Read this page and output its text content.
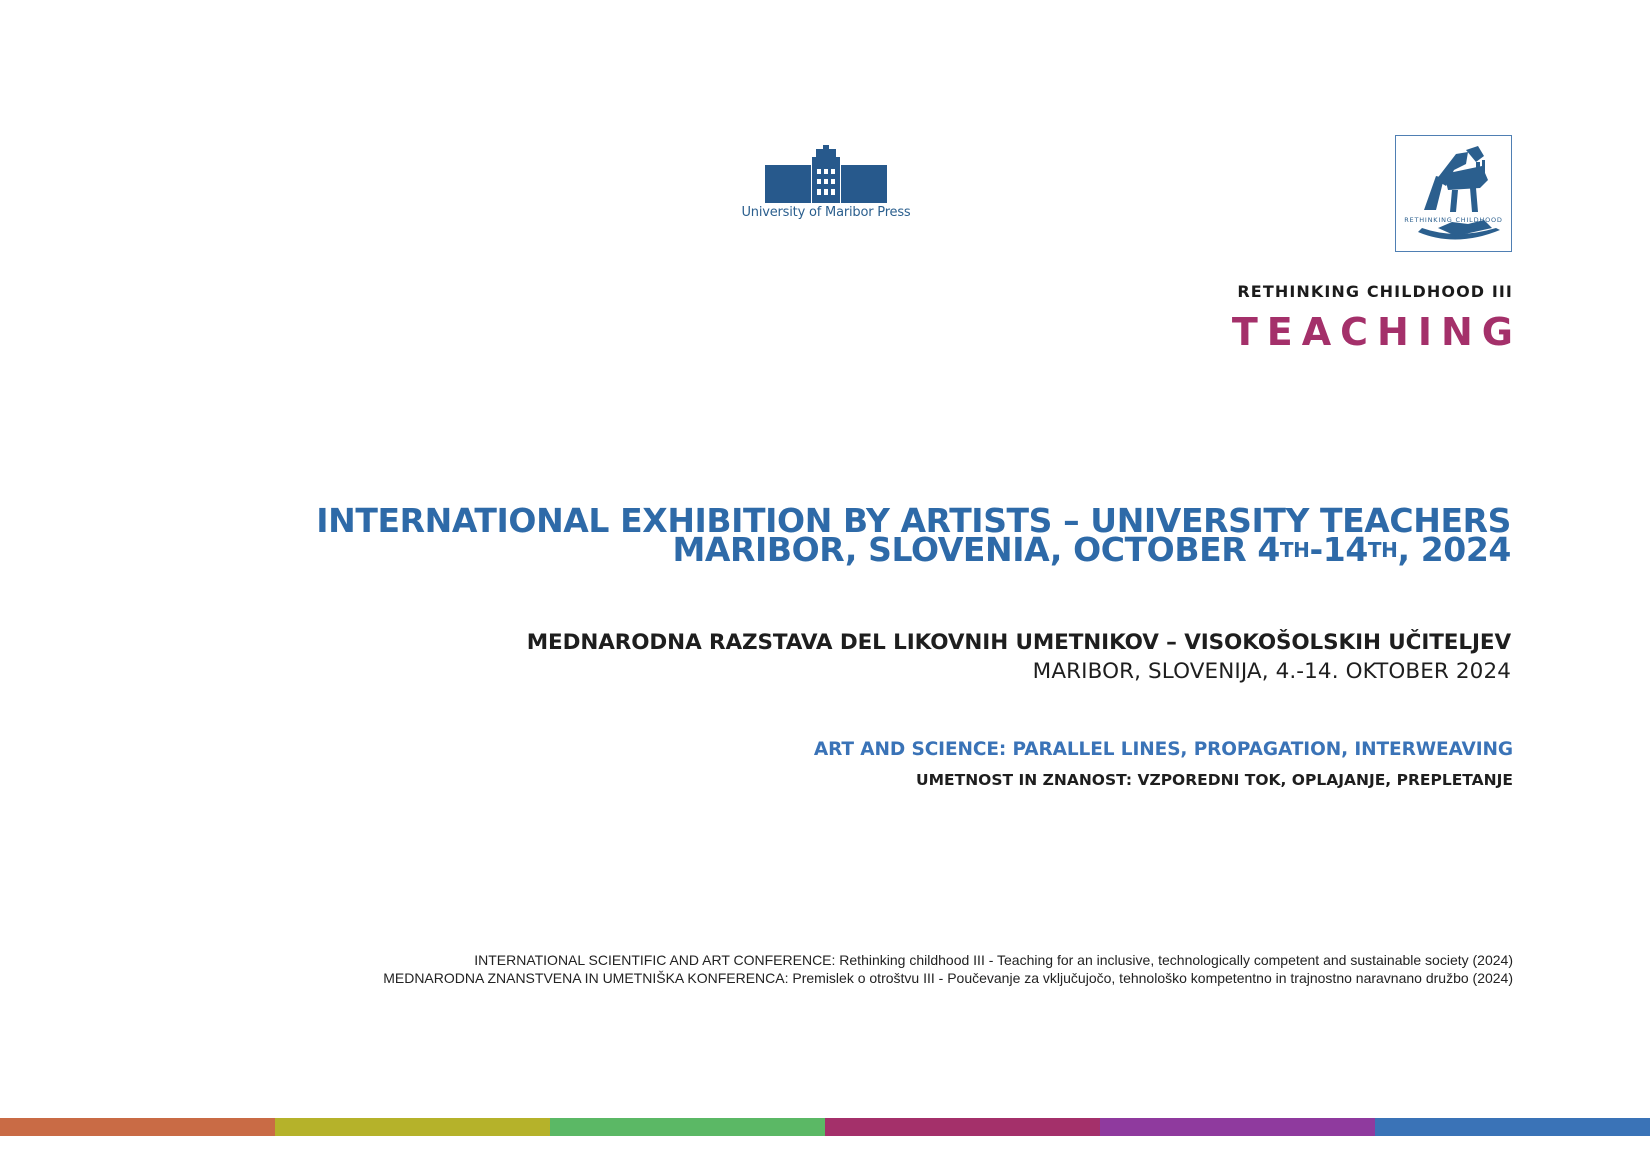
University of Maribor Press	RETHINKING CHILDHOOD
RETHINKING CHILDHOOD III
TEACHING
INTERNATIONAL EXHIBITION BY ARTISTS – UNIVERSITY TEACHERS
MARIBOR, SLOVENIA, OCTOBER 4TH-14TH, 2024
MEDNARODNA RAZSTAVA DEL LIKOVNIH UMETNIKOV – VISOKOŠOLSKIH UČITELJEV
MARIBOR, SLOVENIJA, 4.-14. OKTOBER 2024
ART AND SCIENCE: PARALLEL LINES, PROPAGATION, INTERWEAVING
UMETNOST IN ZNANOST: VZPOREDNI TOK, OPLAJANJE, PREPLETANJE
INTERNATIONAL SCIENTIFIC AND ART CONFERENCE: Rethinking childhood III - Teaching for an inclusive, technologically competent and sustainable society (2024)
MEDNARODNA ZNANSTVENA IN UMETNIŠKA KONFERENCA: Premislek o otroštvu III - Poučevanje za vključujočo, tehnološko kompetentno in trajnostno naravnano družbo (2024)
